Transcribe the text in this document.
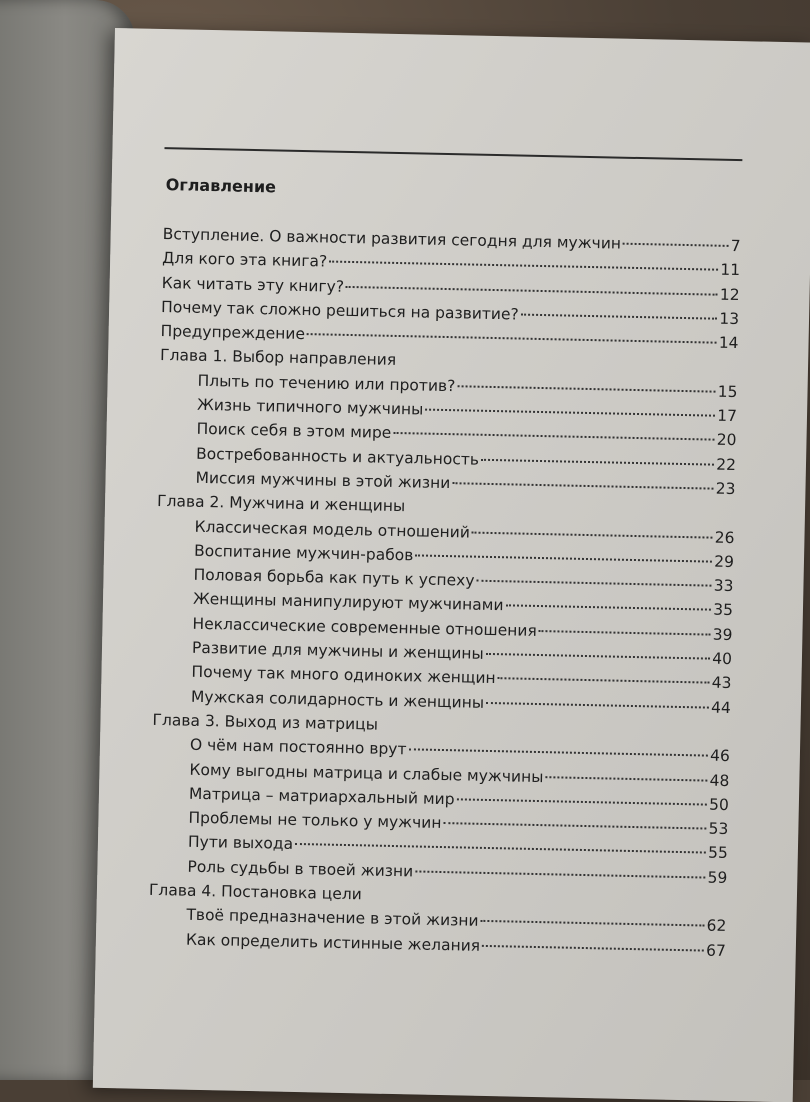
Оглавление
Вступление. О важности развития сегодня для мужчин	7
Для кого эта книга?	11
Как читать эту книгу?	12
Почему так сложно решиться на развитие?	13
Предупреждение	14
Глава 1. Выбор направления
Плыть по течению или против?	15
Жизнь типичного мужчины	17
Поиск себя в этом мире	20
Востребованность и актуальность	22
Миссия мужчины в этой жизни	23
Глава 2. Мужчина и женщины
Классическая модель отношений	26
Воспитание мужчин-рабов	29
Половая борьба как путь к успеху	33
Женщины манипулируют мужчинами	35
Неклассические современные отношения	39
Развитие для мужчины и женщины	40
Почему так много одиноких женщин	43
Мужская солидарность и женщины	44
Глава 3. Выход из матрицы
О чём нам постоянно врут	46
Кому выгодны матрица и слабые мужчины	48
Матрица – матриархальный мир	50
Проблемы не только у мужчин	53
Пути выхода	55
Роль судьбы в твоей жизни	59
Глава 4. Постановка цели
Твоё предназначение в этой жизни	62
Как определить истинные желания	67
